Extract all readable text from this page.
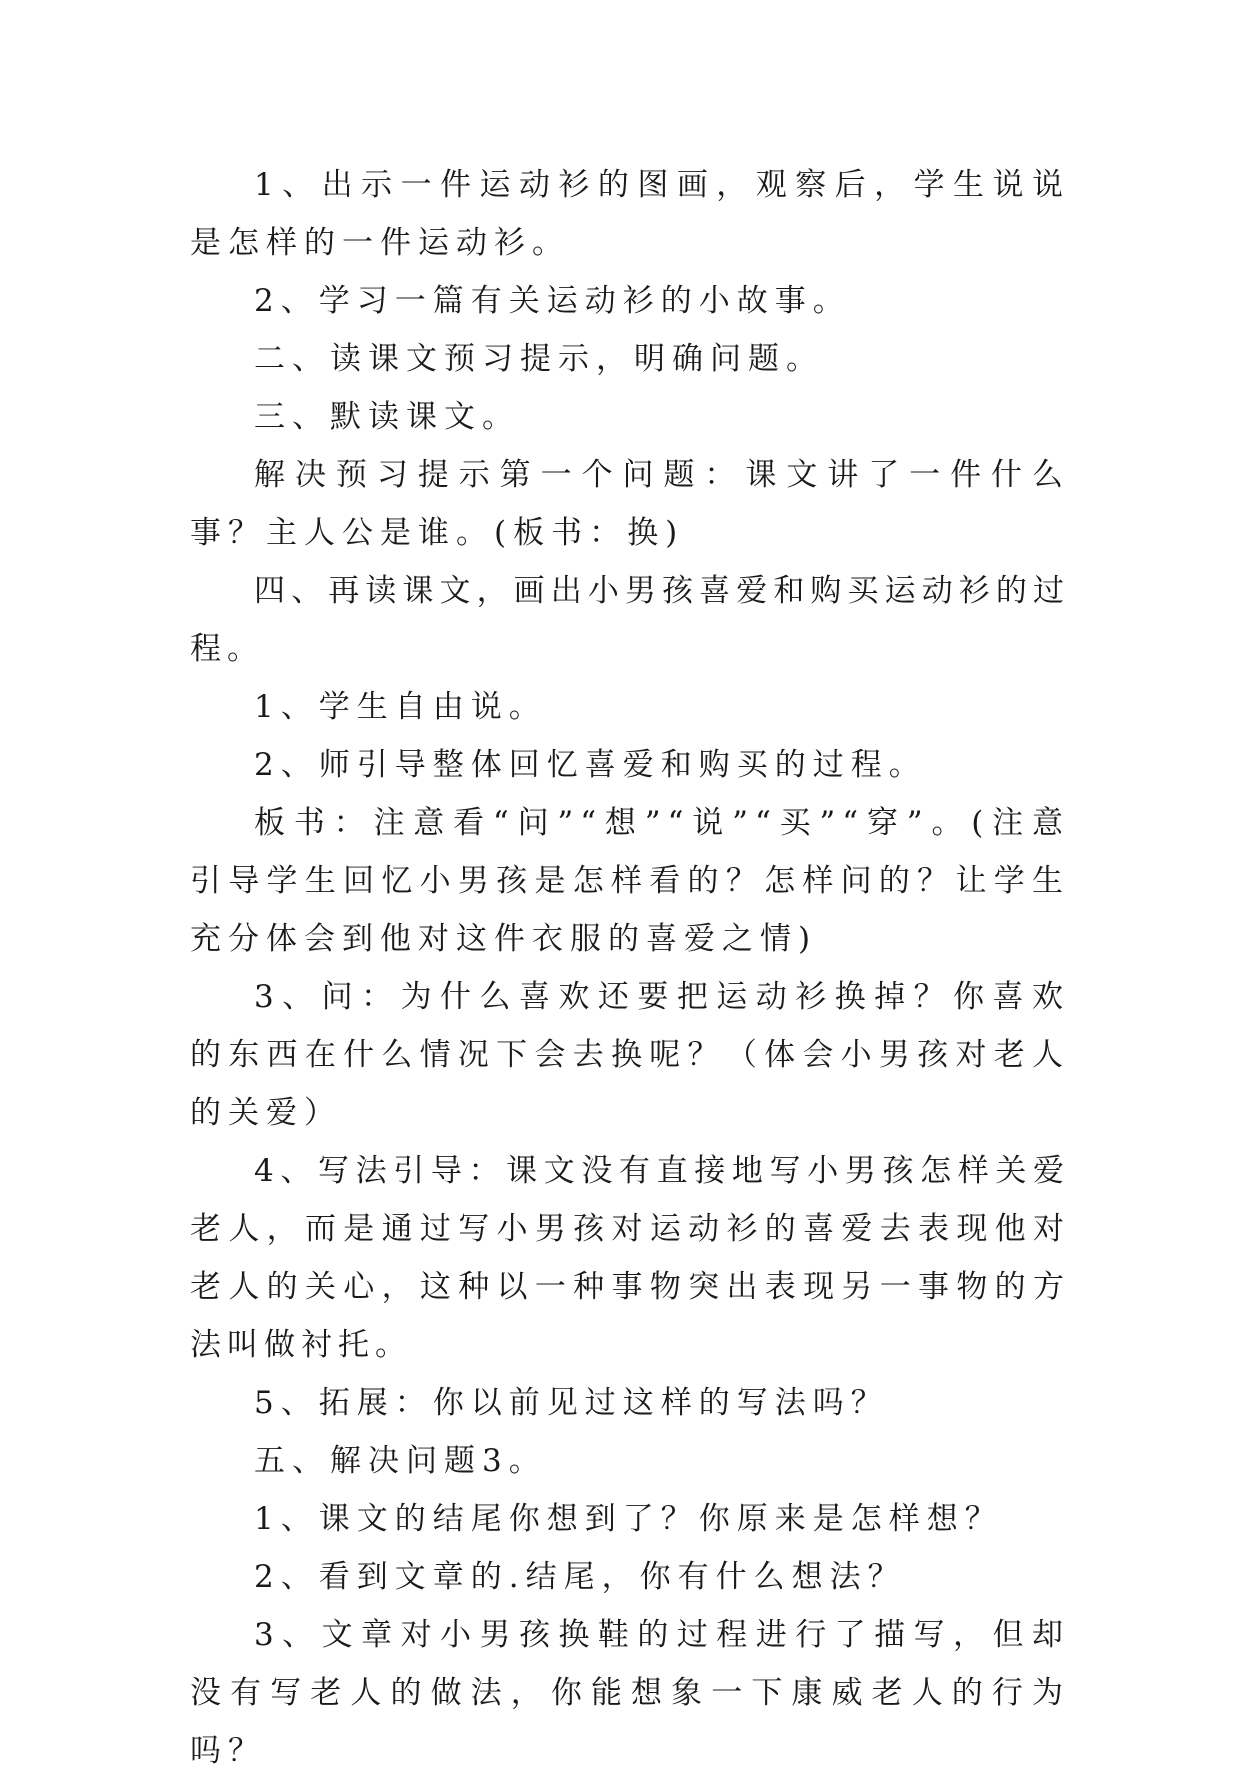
1、出示一件运动衫的图画，观察后，学生说说是怎样的一件运动衫。

2、学习一篇有关运动衫的小故事。

二、读课文预习提示，明确问题。

三、默读课文。

解决预习提示第一个问题：课文讲了一件什么事？主人公是谁。(板书：换)

四、再读课文，画出小男孩喜爱和购买运动衫的过程。

1、学生自由说。

2、师引导整体回忆喜爱和购买的过程。

板书：注意看“问”“想”“说”“买”“穿”。(注意引导学生回忆小男孩是怎样看的？怎样问的？让学生充分体会到他对这件衣服的喜爱之情)

3、问：为什么喜欢还要把运动衫换掉？你喜欢的东西在什么情况下会去换呢？（体会小男孩对老人的关爱）

4、写法引导：课文没有直接地写小男孩怎样关爱老人，而是通过写小男孩对运动衫的喜爱去表现他对老人的关心，这种以一种事物突出表现另一事物的方法叫做衬托。

5、拓展：你以前见过这样的写法吗？

五、解决问题3。

1、课文的结尾你想到了？你原来是怎样想？

2、看到文章的.结尾，你有什么想法？

3、文章对小男孩换鞋的过程进行了描写，但却没有写老人的做法，你能想象一下康威老人的行为吗？
